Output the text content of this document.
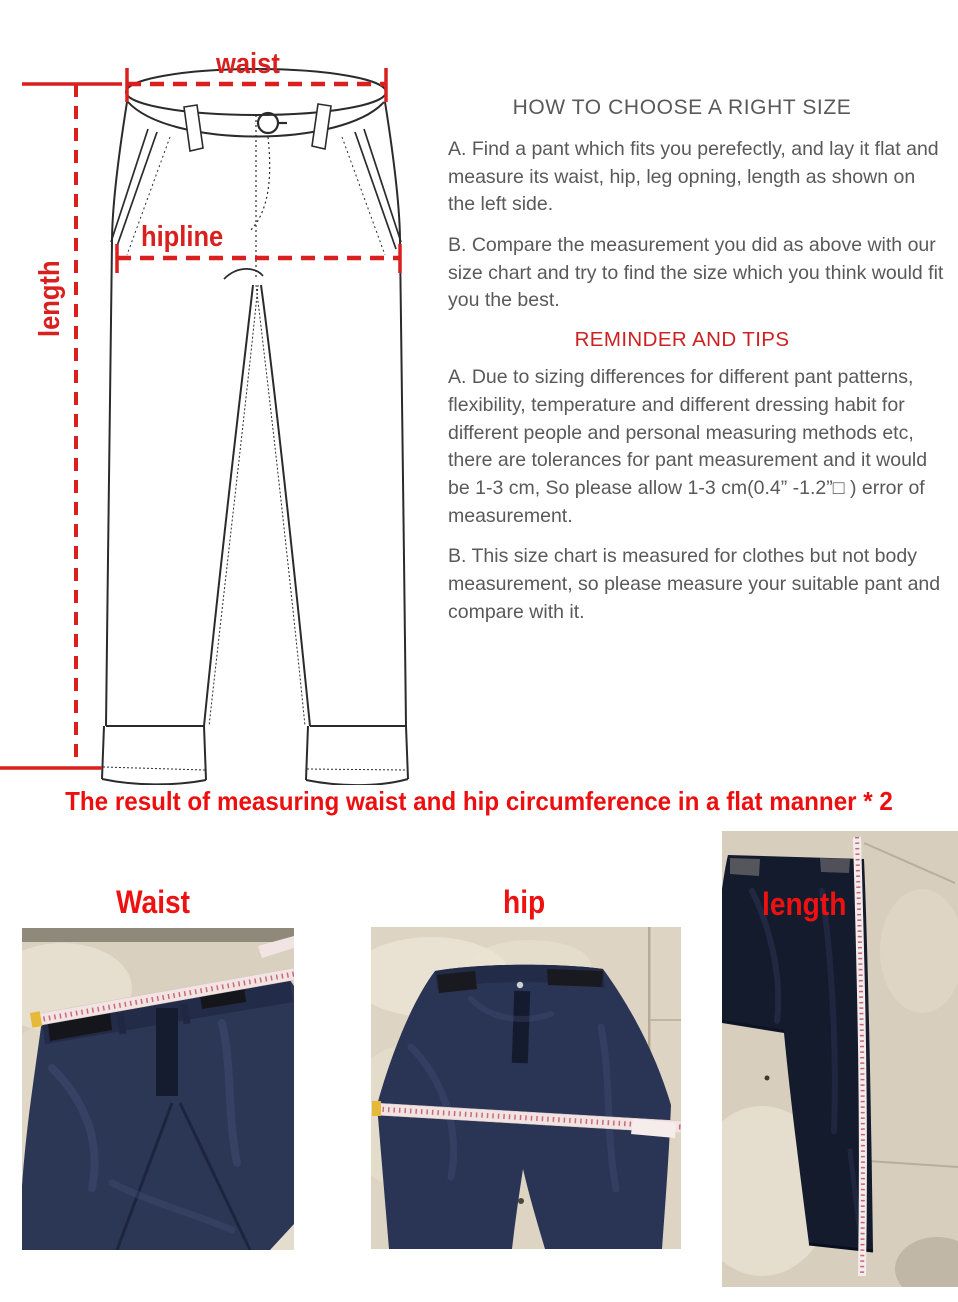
waist
hipline
length
HOW TO CHOOSE A RIGHT SIZE

A. Find a pant which fits you perefectly, and lay it flat and measure its waist, hip, leg opning, length as shown on the left side.

B. Compare the measurement you did as above with our size chart and try to find the size which you think would fit you the best.

REMINDER AND TIPS

A. Due to sizing differences for different pant patterns, flexibility, temperature and different dressing habit for different people and personal measuring methods etc, there are tolerances for pant measurement and it would be 1-3 cm, So please allow 1-3 cm(0.4” -1.2”□ ) error of measurement.

B. This size chart is measured for clothes but not body measurement, so please measure your suitable pant and compare with it.

The result of measuring waist and hip circumference in a flat manner * 2
Waist	hip	length
